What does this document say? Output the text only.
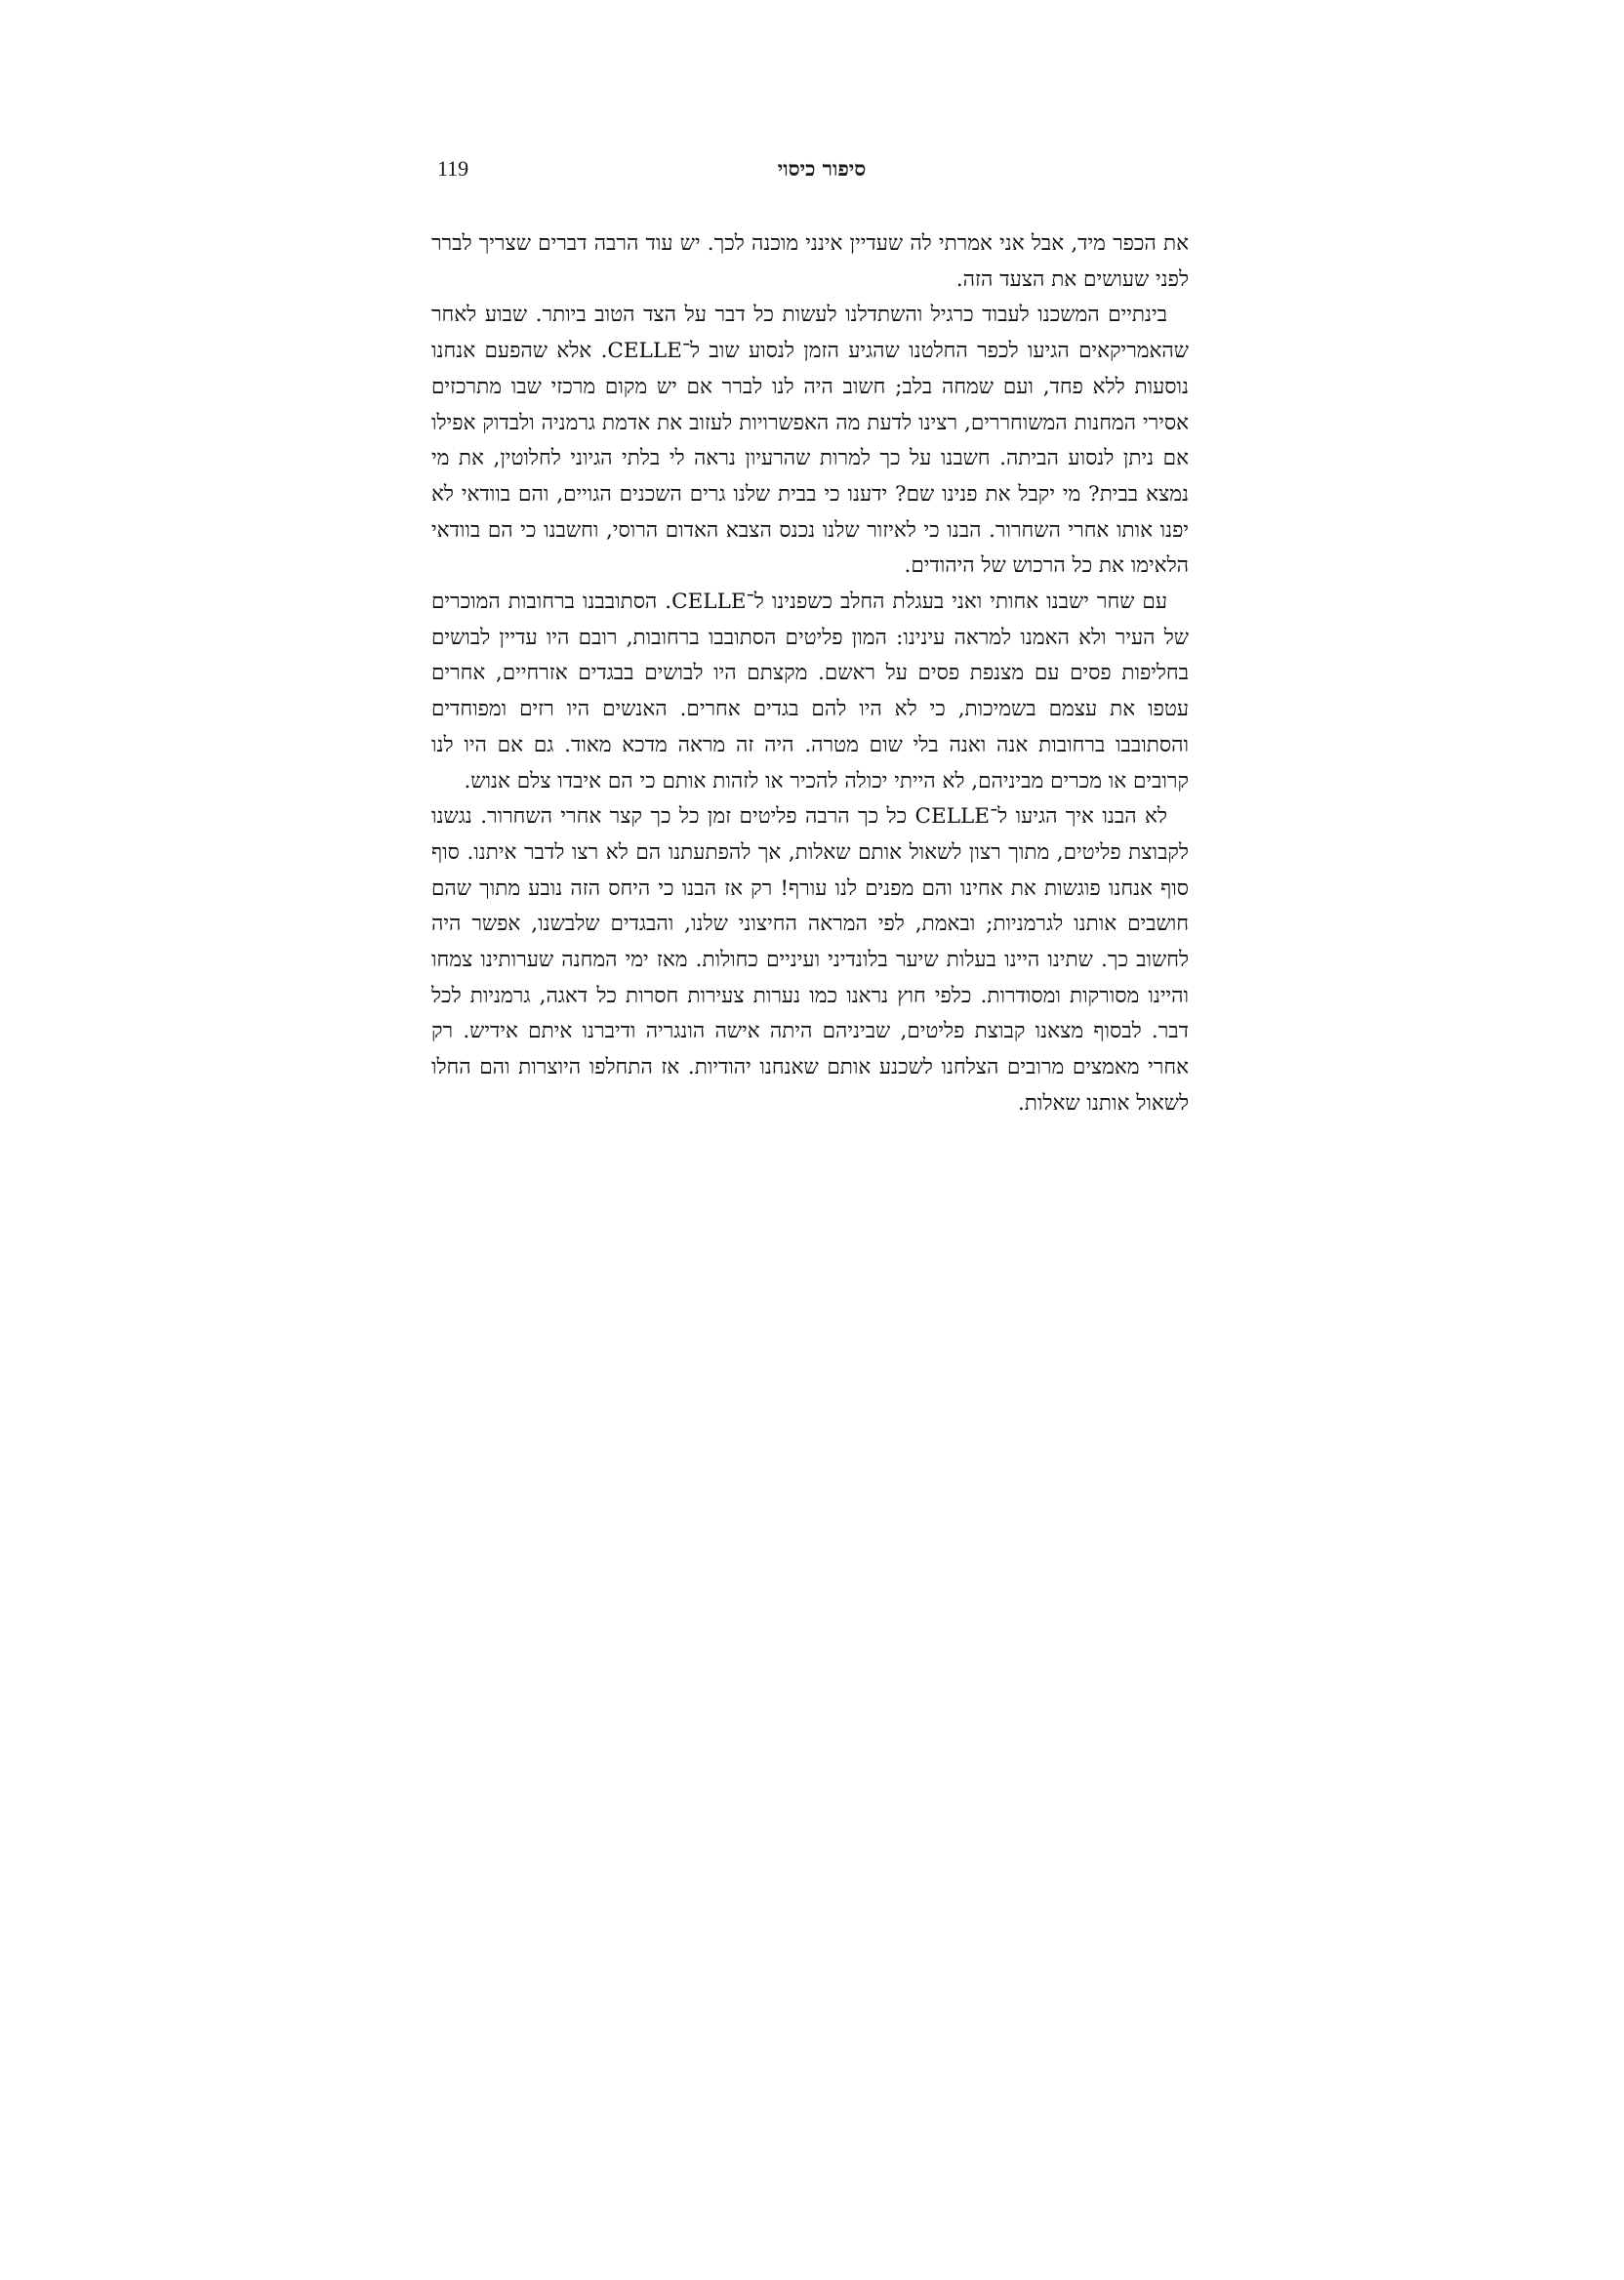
119	סיפור כיסוי

את הכפר מיד, אבל אני אמרתי לה שעדיין אינני מוכנה לכך. יש עוד הרבה דברים שצריך לברר לפני שעושים את הצעד הזה.

בינתיים המשכנו לעבוד כרגיל והשתדלנו לעשות כל דבר על הצד הטוב ביותר. שבוע לאחר שהאמריקאים הגיעו לכפר החלטנו שהגיע הזמן לנסוע שוב ל־CELLE. אלא שהפעם אנחנו נוסעות ללא פחד, ועם שמחה בלב; חשוב היה לנו לברר אם יש מקום מרכזי שבו מתרכזים אסירי המחנות המשוחררים, רצינו לדעת מה האפשרויות לעזוב את אדמת גרמניה ולבדוק אפילו אם ניתן לנסוע הביתה. חשבנו על כך למרות שהרעיון נראה לי בלתי הגיוני לחלוטין, את מי נמצא בבית? מי יקבל את פנינו שם? ידענו כי בבית שלנו גרים השכנים הגויים, והם בוודאי לא יפנו אותו אחרי השחרור. הבנו כי לאיזור שלנו נכנס הצבא האדום הרוסי, וחשבנו כי הם בוודאי הלאימו את כל הרכוש של היהודים.

עם שחר ישבנו אחותי ואני בעגלת החלב כשפנינו ל־CELLE. הסתובבנו ברחובות המוכרים של העיר ולא האמנו למראה עינינו: המון פליטים הסתובבו ברחובות, רובם היו עדיין לבושים בחליפות פסים עם מצנפת פסים על ראשם. מקצתם היו לבושים בבגדים אזרחיים, אחרים עטפו את עצמם בשמיכות, כי לא היו להם בגדים אחרים. האנשים היו רזים ומפוחדים והסתובבו ברחובות אנה ואנה בלי שום מטרה. היה זה מראה מדכא מאוד. גם אם היו לנו קרובים או מכרים מביניהם, לא הייתי יכולה להכיר או לזהות אותם כי הם איבדו צלם אנוש.

לא הבנו איך הגיעו ל־CELLE כל כך הרבה פליטים זמן כל כך קצר אחרי השחרור. נגשנו לקבוצת פליטים, מתוך רצון לשאול אותם שאלות, אך להפתעתנו הם לא רצו לדבר איתנו. סוף סוף אנחנו פוגשות את אחינו והם מפנים לנו עורף! רק אז הבנו כי היחס הזה נובע מתוך שהם חושבים אותנו לגרמניות; ובאמת, לפי המראה החיצוני שלנו, והבגדים שלבשנו, אפשר היה לחשוב כך. שתינו היינו בעלות שיער בלונדיני ועיניים כחולות. מאז ימי המחנה שערותינו צמחו והיינו מסורקות ומסודרות. כלפי חוץ נראנו כמו נערות צעירות חסרות כל דאגה, גרמניות לכל דבר. לבסוף מצאנו קבוצת פליטים, שביניהם היתה אישה הונגריה ודיברנו איתם אידיש. רק אחרי מאמצים מרובים הצלחנו לשכנע אותם שאנחנו יהודיות. אז התחלפו היוצרות והם החלו לשאול אותנו שאלות.
